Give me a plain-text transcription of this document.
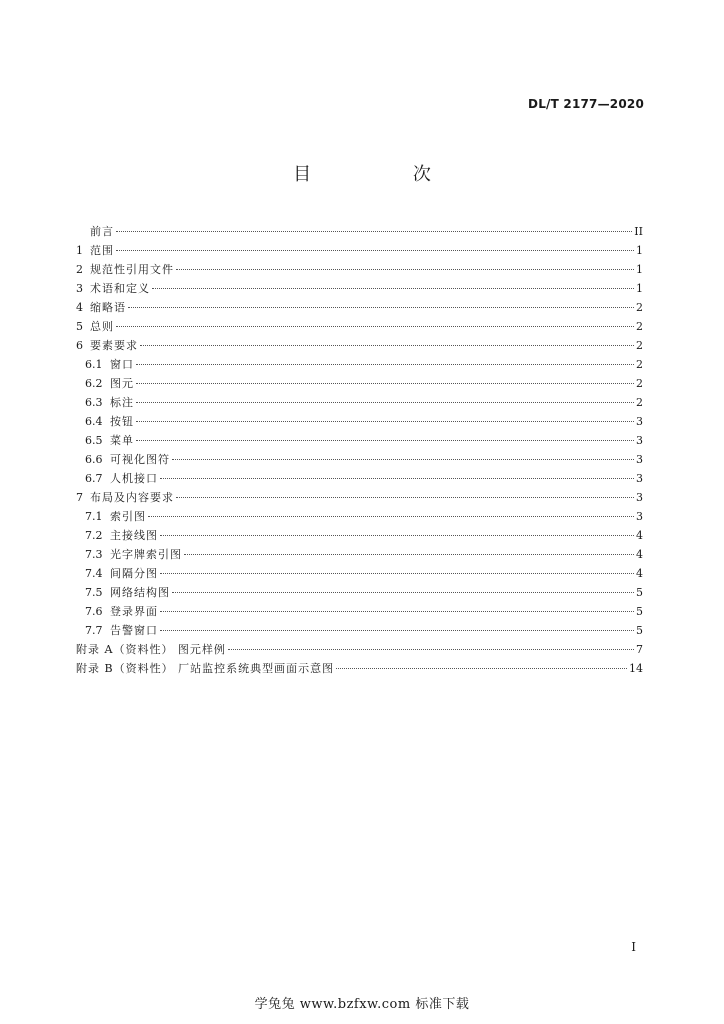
DL/T 2177—2020
目 次
前言	II
1 范围	1
2 规范性引用文件	1
3 术语和定义	1
4 缩略语	2
5 总则	2
6 要素要求	2
6.1 窗口	2
6.2 图元	2
6.3 标注	2
6.4 按钮	3
6.5 菜单	3
6.6 可视化图符	3
6.7 人机接口	3
7 布局及内容要求	3
7.1 索引图	3
7.2 主接线图	4
7.3 光字牌索引图	4
7.4 间隔分图	4
7.5 网络结构图	5
7.6 登录界面	5
7.7 告警窗口	5
附录 A（资料性） 图元样例	7
附录 B（资料性） 厂站监控系统典型画面示意图	14
I
学兔兔 www.bzfxw.com 标准下载
